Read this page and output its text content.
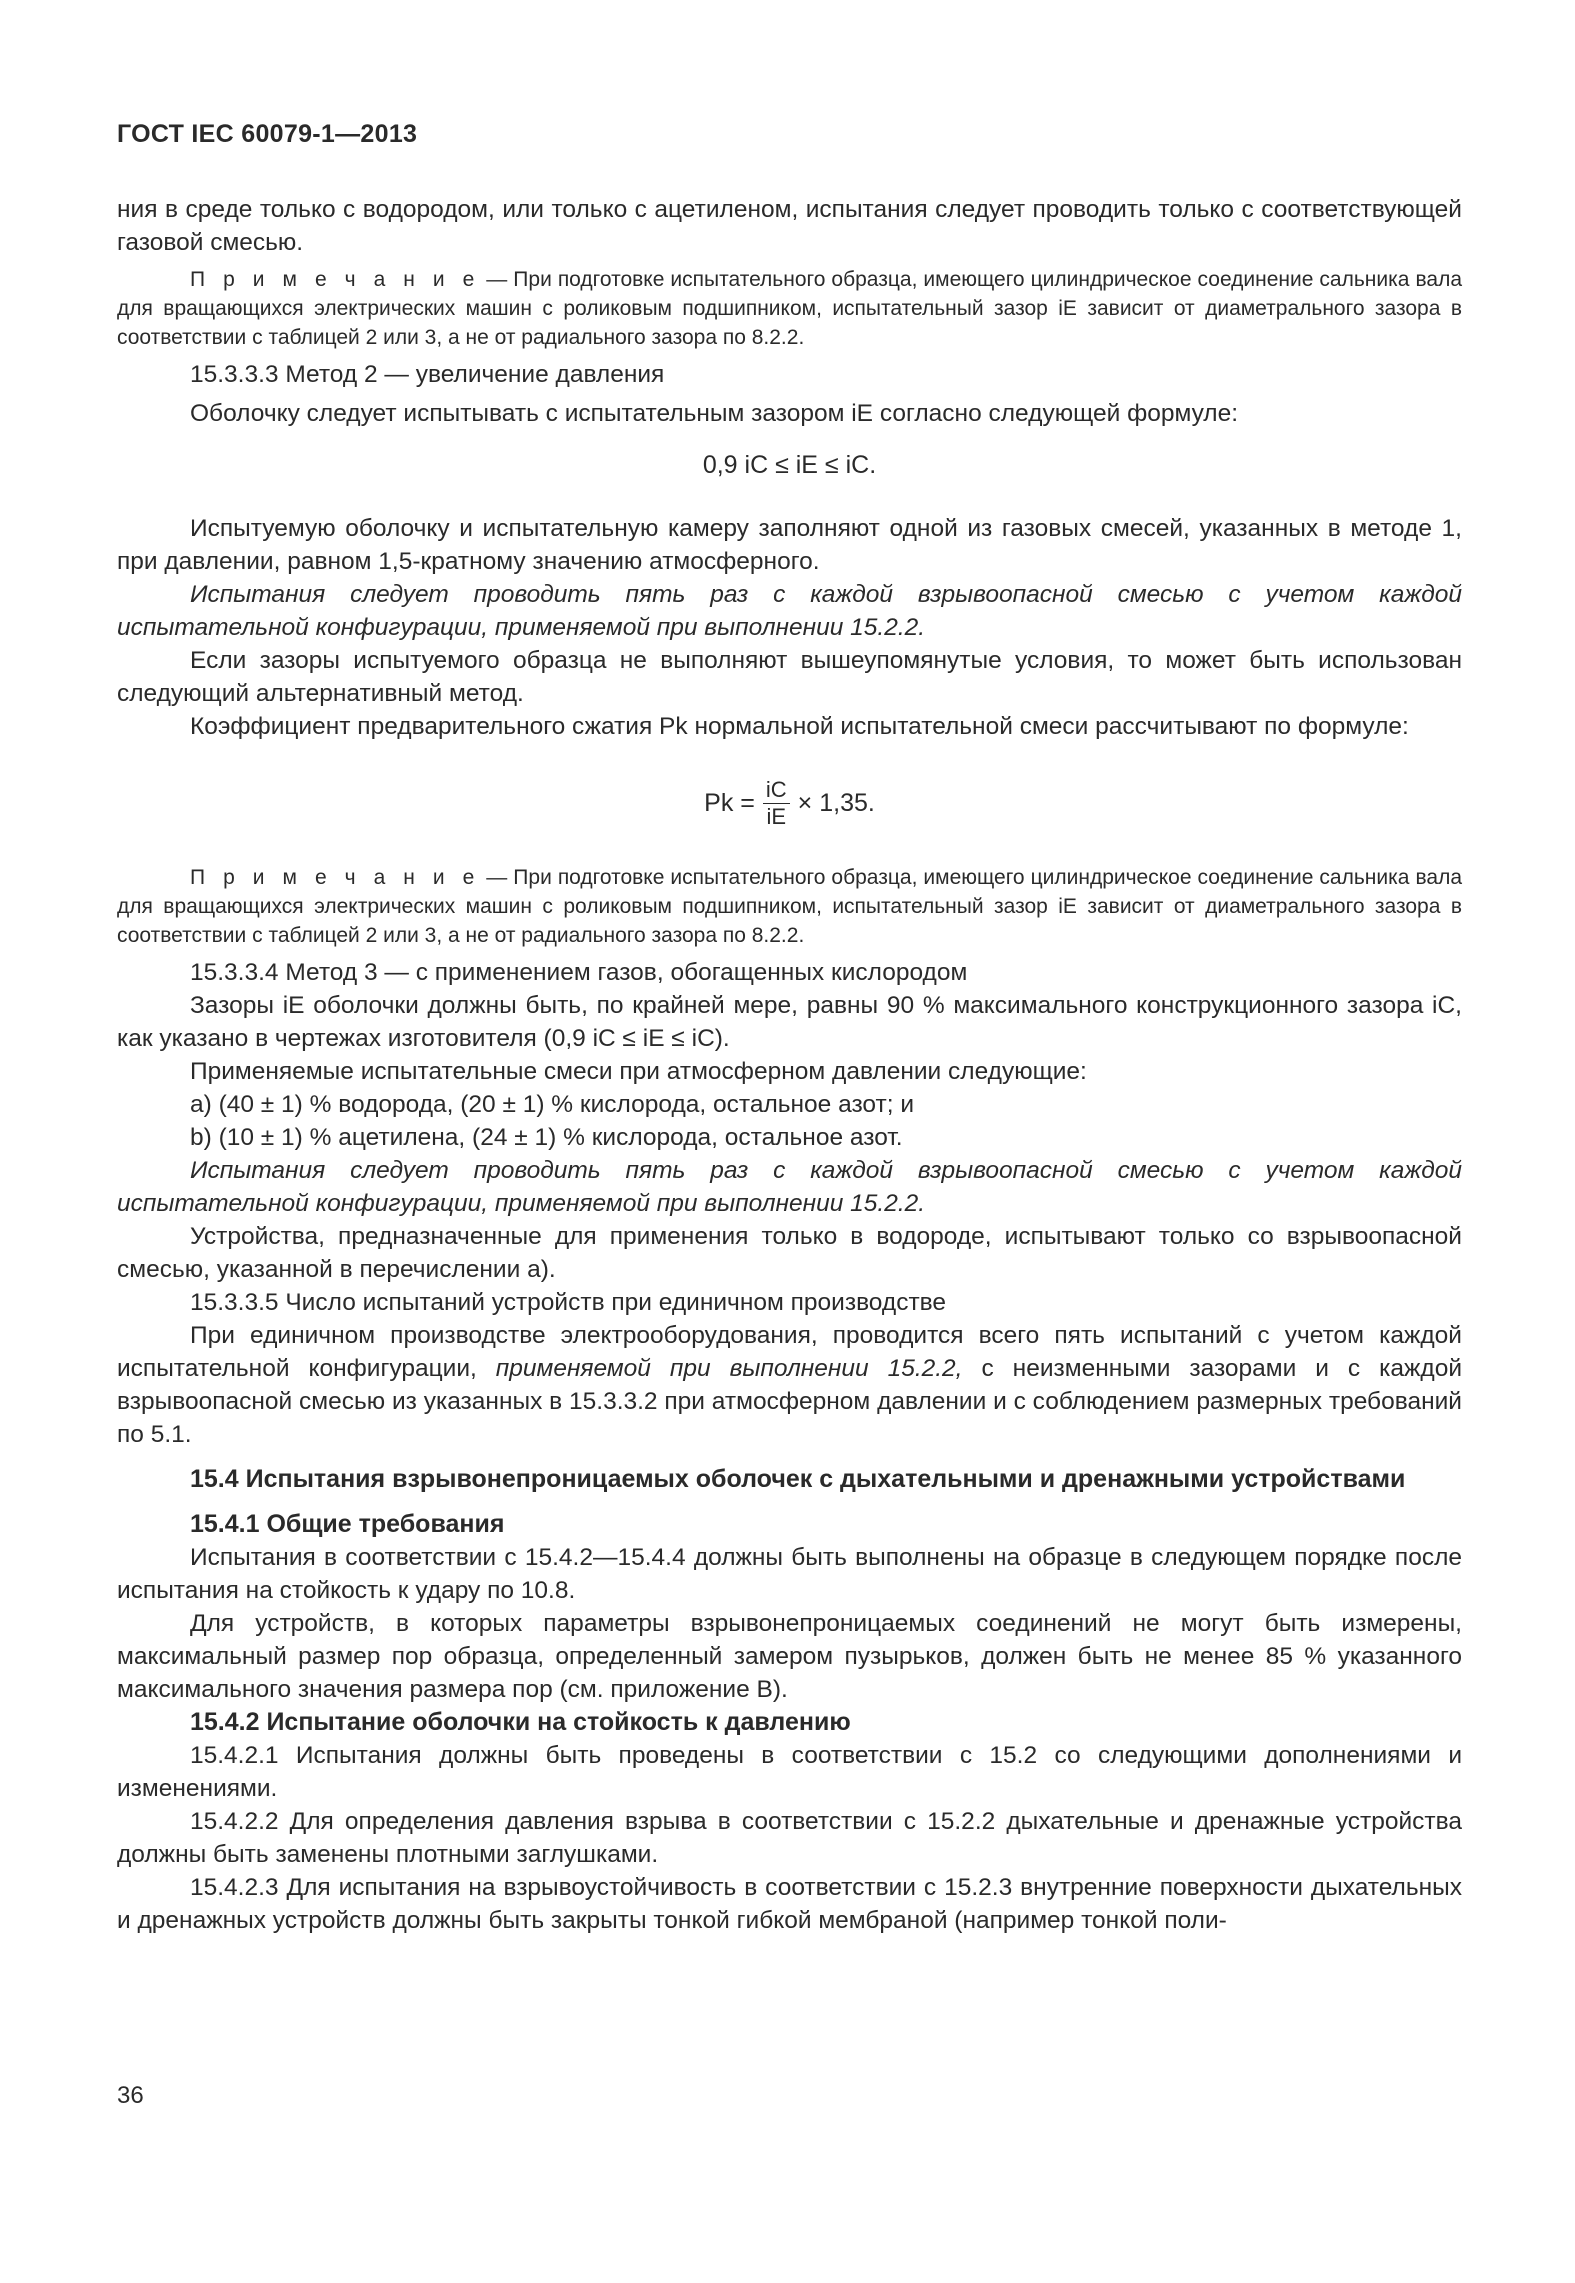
ГОСТ IEC 60079-1—2013

ния в среде только с водородом, или только с ацетиленом, испытания следует проводить только с соответствующей газовой смесью.

П р и м е ч а н и е — При подготовке испытательного образца, имеющего цилиндрическое соединение сальника вала для вращающихся электрических машин с роликовым подшипником, испытательный зазор iE зависит от диаметрального зазора в соответствии с таблицей 2 или 3, а не от радиального зазора по 8.2.2.

15.3.3.3 Метод 2 — увеличение давления

Оболочку следует испытывать с испытательным зазором iE согласно следующей формуле:

0,9 iC ≤ iE ≤ iC.

Испытуемую оболочку и испытательную камеру заполняют одной из газовых смесей, указанных в методе 1, при давлении, равном 1,5-кратному значению атмосферного.

Испытания следует проводить пять раз с каждой взрывоопасной смесью с учетом каждой испытательной конфигурации, применяемой при выполнении 15.2.2.

Если зазоры испытуемого образца не выполняют вышеупомянутые условия, то может быть использован следующий альтернативный метод.

Коэффициент предварительного сжатия Pk нормальной испытательной смеси рассчитывают по формуле:

$Pk = \frac{iC}{iE} \times 1,35$.

П р и м е ч а н и е — При подготовке испытательного образца, имеющего цилиндрическое соединение сальника вала для вращающихся электрических машин с роликовым подшипником, испытательный зазор iE зависит от диаметрального зазора в соответствии с таблицей 2 или 3, а не от радиального зазора по 8.2.2.

15.3.3.4 Метод 3 — с применением газов, обогащенных кислородом

Зазоры iE оболочки должны быть, по крайней мере, равны 90 % максимального конструкционного зазора iC, как указано в чертежах изготовителя (0,9 iC ≤ iE ≤ iC).

Применяемые испытательные смеси при атмосферном давлении следующие:

a) (40 ± 1) % водорода, (20 ± 1) % кислорода, остальное азот; и

b) (10 ± 1) % ацетилена, (24 ± 1) % кислорода, остальное азот.

Испытания следует проводить пять раз с каждой взрывоопасной смесью с учетом каждой испытательной конфигурации, применяемой при выполнении 15.2.2.

Устройства, предназначенные для применения только в водороде, испытывают только со взрывоопасной смесью, указанной в перечислении а).

15.3.3.5 Число испытаний устройств при единичном производстве

При единичном производстве электрооборудования, проводится всего пять испытаний с учетом каждой испытательной конфигурации, применяемой при выполнении 15.2.2, с неизменными зазорами и с каждой взрывоопасной смесью из указанных в 15.3.3.2 при атмосферном давлении и с соблюдением размерных требований по 5.1.

15.4 Испытания взрывонепроницаемых оболочек с дыхательными и дренажными устройствами
15.4.1 Общие требования

Испытания в соответствии с 15.4.2—15.4.4 должны быть выполнены на образце в следующем порядке после испытания на стойкость к удару по 10.8.

Для устройств, в которых параметры взрывонепроницаемых соединений не могут быть измерены, максимальный размер пор образца, определенный замером пузырьков, должен быть не менее 85 % указанного максимального значения размера пор (см. приложение В).

15.4.2 Испытание оболочки на стойкость к давлению

15.4.2.1 Испытания должны быть проведены в соответствии с 15.2 со следующими дополнениями и изменениями.

15.4.2.2 Для определения давления взрыва в соответствии с 15.2.2 дыхательные и дренажные устройства должны быть заменены плотными заглушками.

15.4.2.3 Для испытания на взрывоустойчивость в соответствии с 15.2.3 внутренние поверхности дыхательных и дренажных устройств должны быть закрыты тонкой гибкой мембраной (например тонкой поли-

36
